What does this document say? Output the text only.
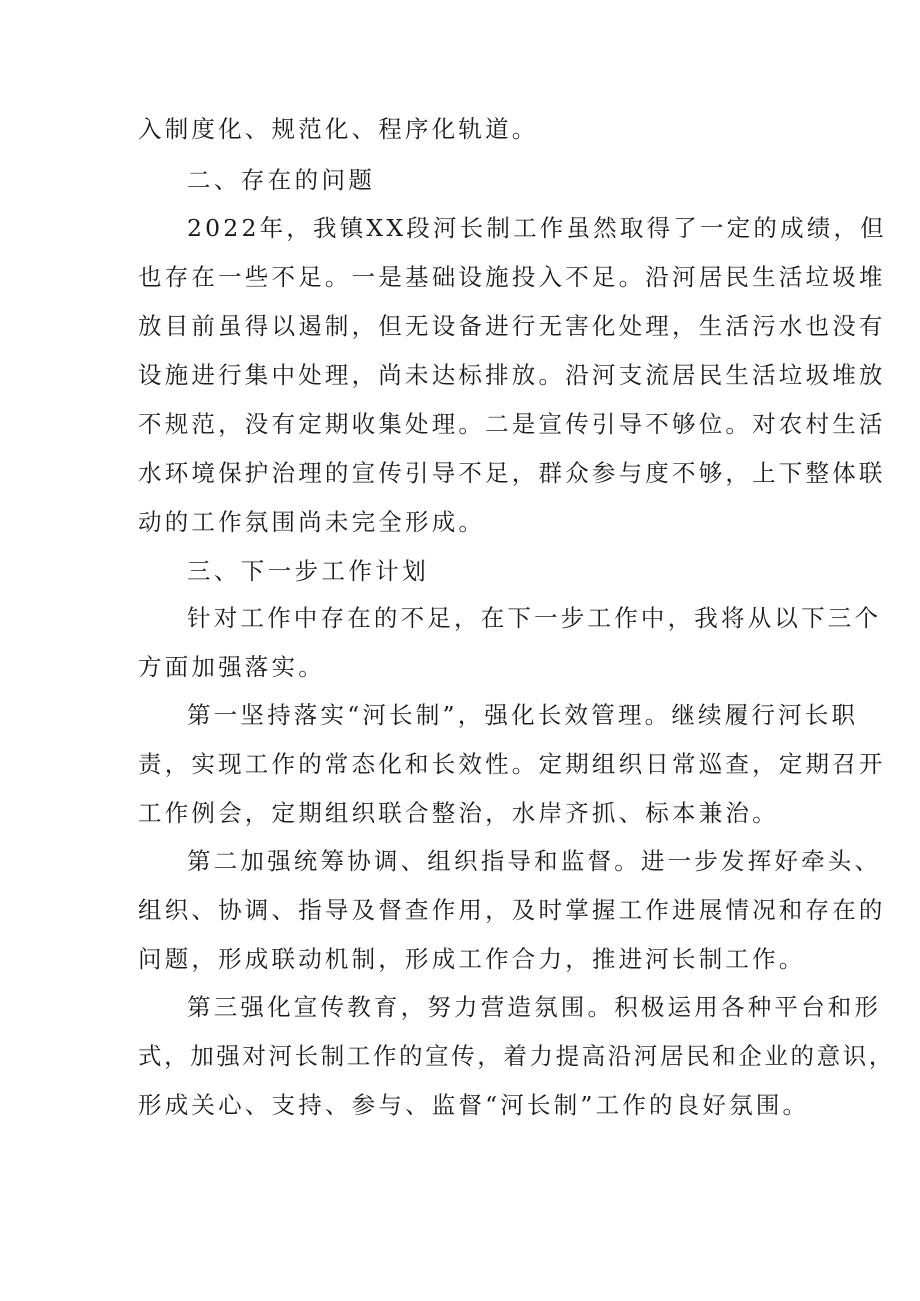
入制度化、规范化、程序化轨道。
二、存在的问题
2022年，我镇XX段河长制工作虽然取得了一定的成绩，但
也存在一些不足。一是基础设施投入不足。沿河居民生活垃圾堆
放目前虽得以遏制，但无设备进行无害化处理，生活污水也没有
设施进行集中处理，尚未达标排放。沿河支流居民生活垃圾堆放
不规范，没有定期收集处理。二是宣传引导不够位。对农村生活
水环境保护治理的宣传引导不足，群众参与度不够，上下整体联
动的工作氛围尚未完全形成。
三、下一步工作计划
针对工作中存在的不足，在下一步工作中，我将从以下三个
方面加强落实。
第一坚持落实“河长制”，强化长效管理。继续履行河长职
责，实现工作的常态化和长效性。定期组织日常巡查，定期召开
工作例会，定期组织联合整治，水岸齐抓、标本兼治。
第二加强统筹协调、组织指导和监督。进一步发挥好牵头、
组织、协调、指导及督查作用，及时掌握工作进展情况和存在的
问题，形成联动机制，形成工作合力，推进河长制工作。
第三强化宣传教育，努力营造氛围。积极运用各种平台和形
式，加强对河长制工作的宣传，着力提高沿河居民和企业的意识，
形成关心、支持、参与、监督“河长制”工作的良好氛围。
